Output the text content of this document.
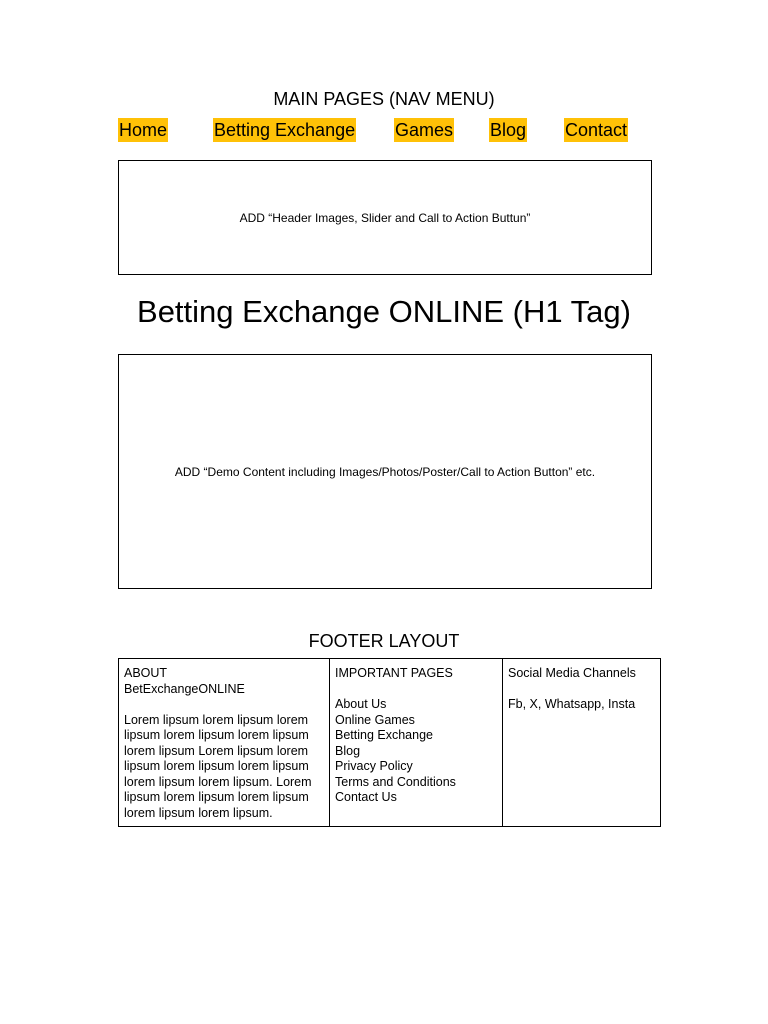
MAIN PAGES (NAV MENU)
Home	Betting Exchange Games Blog Contact
ADD “Header Images, Slider and Call to Action Buttun”
Betting Exchange ONLINE (H1 Tag)
ADD “Demo Content including Images/Photos/Poster/Call to Action Button” etc.
FOOTER LAYOUT
ABOUT
BetExchangeONLINE
Lorem lipsum lorem lipsum lorem
lipsum lorem lipsum lorem lipsum
lorem lipsum Lorem lipsum lorem
lipsum lorem lipsum lorem lipsum
lorem lipsum lorem lipsum. Lorem
lipsum lorem lipsum lorem lipsum
lorem lipsum lorem lipsum.
IMPORTANT PAGES
About Us
Online Games
Betting Exchange
Blog
Privacy Policy
Terms and Conditions
Contact Us
Social Media Channels
Fb, X, Whatsapp, Insta
